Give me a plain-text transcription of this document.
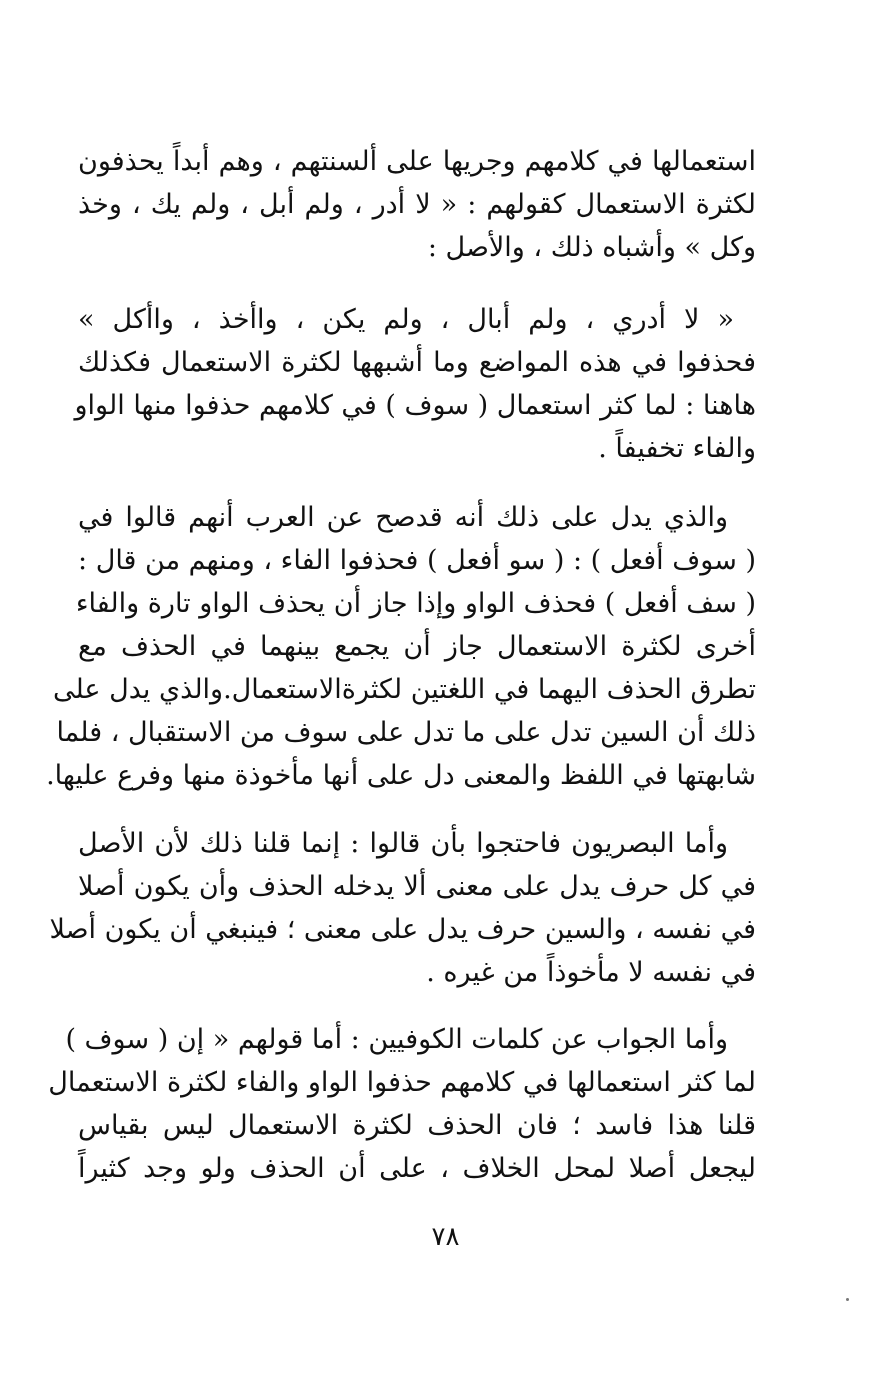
استعمالها في كلامهم وجريها على ألسنتهم ، وهم أبداً يحذفون
لكثرة الاستعمال كقولهم : « لا أدر ، ولم أبل ، ولم يك ، وخذ
وكل » وأشباه ذلك ، والأصل :
« لا أدري ، ولم أبال ، ولم يكن ، واأخذ ، واأكل »
فحذفوا في هذه المواضع وما أشبهها لكثرة الاستعمال فكذلك
هاهنا : لما كثر استعمال ( سوف ) في كلامهم حذفوا منها الواو
والفاء تخفيفاً .
والذي يدل على ذلك أنه قدصح عن العرب أنهم قالوا في
( سوف أفعل ) : ( سو أفعل ) فحذفوا الفاء ، ومنهم من قال :
( سف أفعل ) فحذف الواو وإذا جاز أن يحذف الواو تارة والفاء
أخرى لكثرة الاستعمال جاز أن يجمع بينهما في الحذف مع
تطرق الحذف اليهما في اللغتين لكثرةالاستعمال.والذي يدل على
ذلك أن السين تدل على ما تدل على سوف من الاستقبال ، فلما
شابهتها في اللفظ والمعنى دل على أنها مأخوذة منها وفرع عليها.
وأما البصريون فاحتجوا بأن قالوا : إنما قلنا ذلك لأن الأصل
في كل حرف يدل على معنى ألا يدخله الحذف وأن يكون أصلا
في نفسه ، والسين حرف يدل على معنى ؛ فينبغي أن يكون أصلا
في نفسه لا مأخوذاً من غيره .
وأما الجواب عن كلمات الكوفيين : أما قولهم « إن ( سوف )
لما كثر استعمالها في كلامهم حذفوا الواو والفاء لكثرة الاستعمال
قلنا هذا فاسد ؛ فان الحذف لكثرة الاستعمال ليس بقياس
ليجعل أصلا لمحل الخلاف ، على أن الحذف ولو وجد كثيراً
٧٨
